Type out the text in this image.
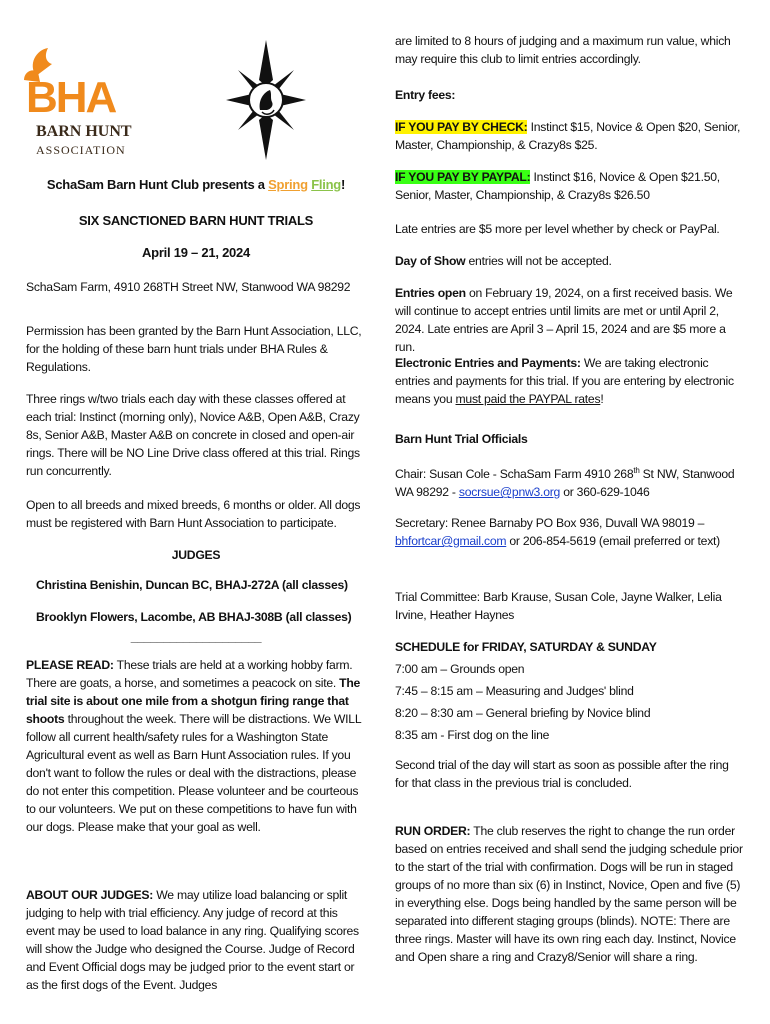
BHA
BARN HUNT
ASSOCIATION

SchaSam Barn Hunt Club presents a Spring Fling!

SIX SANCTIONED BARN HUNT TRIALS

April 19 – 21, 2024

SchaSam Farm, 4910 268TH Street NW, Stanwood WA 98292

Permission has been granted by the Barn Hunt Association, LLC, for the holding of these barn hunt trials under BHA Rules & Regulations.

Three rings w/two trials each day with these classes offered at each trial: Instinct (morning only), Novice A&B, Open A&B, Crazy 8s, Senior A&B, Master A&B on concrete in closed and open-air rings. There will be NO Line Drive class offered at this trial. Rings run concurrently.

Open to all breeds and mixed breeds, 6 months or older. All dogs must be registered with Barn Hunt Association to participate.

JUDGES

Christina Benishin, Duncan BC, BHAJ-272A (all classes)

Brooklyn Flowers, Lacombe, AB BHAJ-308B (all classes)

____________________

PLEASE READ: These trials are held at a working hobby farm. There are goats, a horse, and sometimes a peacock on site. The trial site is about one mile from a shotgun firing range that shoots throughout the week. There will be distractions. We WILL follow all current health/safety rules for a Washington State Agricultural event as well as Barn Hunt Association rules. If you don't want to follow the rules or deal with the distractions, please do not enter this competition. Please volunteer and be courteous to our volunteers. We put on these competitions to have fun with our dogs. Please make that your goal as well.

ABOUT OUR JUDGES: We may utilize load balancing or split judging to help with trial efficiency. Any judge of record at this event may be used to load balance in any ring. Qualifying scores will show the Judge who designed the Course. Judge of Record and Event Official dogs may be judged prior to the event start or as the first dogs of the Event. Judges

are limited to 8 hours of judging and a maximum run value, which may require this club to limit entries accordingly.

Entry fees:

IF YOU PAY BY CHECK: Instinct $15, Novice & Open $20, Senior, Master, Championship, & Crazy8s $25.

IF YOU PAY BY PAYPAL: Instinct $16, Novice & Open $21.50, Senior, Master, Championship, & Crazy8s $26.50

Late entries are $5 more per level whether by check or PayPal.

Day of Show entries will not be accepted.

Entries open on February 19, 2024, on a first received basis. We will continue to accept entries until limits are met or until April 2, 2024. Late entries are April 3 – April 15, 2024 and are $5 more a run.

Electronic Entries and Payments: We are taking electronic entries and payments for this trial. If you are entering by electronic means you must paid the PAYPAL rates!

Barn Hunt Trial Officials

Chair: Susan Cole - SchaSam Farm 4910 268th St NW, Stanwood WA 98292 - socrsue@pnw3.org or 360-629-1046

Secretary: Renee Barnaby PO Box 936, Duvall WA 98019 – bhfortcar@gmail.com or 206-854-5619 (email preferred or text)

Trial Committee: Barb Krause, Susan Cole, Jayne Walker, Lelia Irvine, Heather Haynes

SCHEDULE for FRIDAY, SATURDAY & SUNDAY

7:00 am – Grounds open

7:45 – 8:15 am – Measuring and Judges' blind

8:20 – 8:30 am – General briefing by Novice blind

8:35 am - First dog on the line

Second trial of the day will start as soon as possible after the ring for that class in the previous trial is concluded.

RUN ORDER: The club reserves the right to change the run order based on entries received and shall send the judging schedule prior to the start of the trial with confirmation. Dogs will be run in staged groups of no more than six (6) in Instinct, Novice, Open and five (5) in everything else. Dogs being handled by the same person will be separated into different staging groups (blinds). NOTE: There are three rings. Master will have its own ring each day. Instinct, Novice and Open share a ring and Crazy8/Senior will share a ring.
